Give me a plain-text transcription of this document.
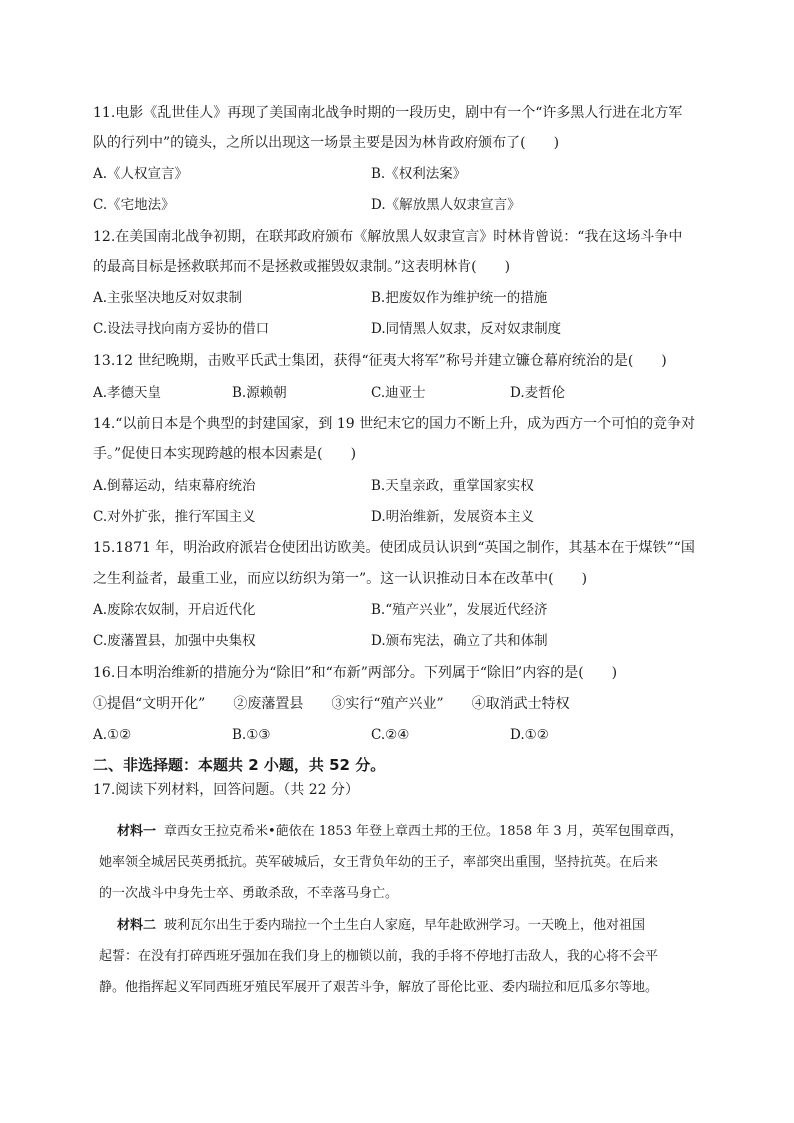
11.电影《乱世佳人》再现了美国南北战争时期的一段历史，剧中有一个“许多黑人行进在北方军
队的行列中”的镜头，之所以出现这一场景主要是因为林肯政府颁布了(　　)
A.《人权宣言》	B.《权利法案》
C.《宅地法》	D.《解放黑人奴隶宣言》
12.在美国南北战争初期，在联邦政府颁布《解放黑人奴隶宣言》时林肯曾说：“我在这场斗争中
的最高目标是拯救联邦而不是拯救或摧毁奴隶制。”这表明林肯(　　)
A.主张坚决地反对奴隶制	B.把废奴作为维护统一的措施
C.设法寻找向南方妥协的借口	D.同情黑人奴隶，反对奴隶制度
13.12 世纪晚期，击败平氏武士集团，获得“征夷大将军”称号并建立镰仓幕府统治的是(　　)
A.孝德天皇	B.源赖朝	C.迪亚士	D.麦哲伦
14.“以前日本是个典型的封建国家，到 19 世纪末它的国力不断上升，成为西方一个可怕的竞争对
手。”促使日本实现跨越的根本因素是(　　)
A.倒幕运动，结束幕府统治	B.天皇亲政，重掌国家实权
C.对外扩张，推行军国主义	D.明治维新，发展资本主义
15.1871 年，明治政府派岩仓使团出访欧美。使团成员认识到“英国之制作，其基本在于煤铁”“国
之生利益者，最重工业，而应以纺织为第一”。这一认识推动日本在改革中(　　)
A.废除农奴制，开启近代化	B.“殖产兴业”，发展近代经济
C.废藩置县，加强中央集权	D.颁布宪法，确立了共和体制
16.日本明治维新的措施分为“除旧”和“布新”两部分。下列属于“除旧”内容的是(　　)
①提倡“文明开化”　　②废藩置县　　③实行“殖产兴业”　　④取消武士特权
A.①②	B.①③	C.②④	D.①②
二、非选择题：本题共 2 小题，共 52 分。
17.阅读下列材料，回答问题。（共 22 分）
材料一 章西女王拉克希米•葩依在 1853 年登上章西土邦的王位。1858 年 3 月，英军包围章西，
她率领全城居民英勇抵抗。英军破城后，女王背负年幼的王子，率部突出重围，坚持抗英。在后来
的一次战斗中身先士卒、勇敢杀敌，不幸落马身亡。
材料二 玻利瓦尔出生于委内瑞拉一个土生白人家庭，早年赴欧洲学习。一天晚上，他对祖国
起誓：在没有打碎西班牙强加在我们身上的枷锁以前，我的手将不停地打击敌人，我的心将不会平
静。他指挥起义军同西班牙殖民军展开了艰苦斗争，解放了哥伦比亚、委内瑞拉和厄瓜多尔等地。
